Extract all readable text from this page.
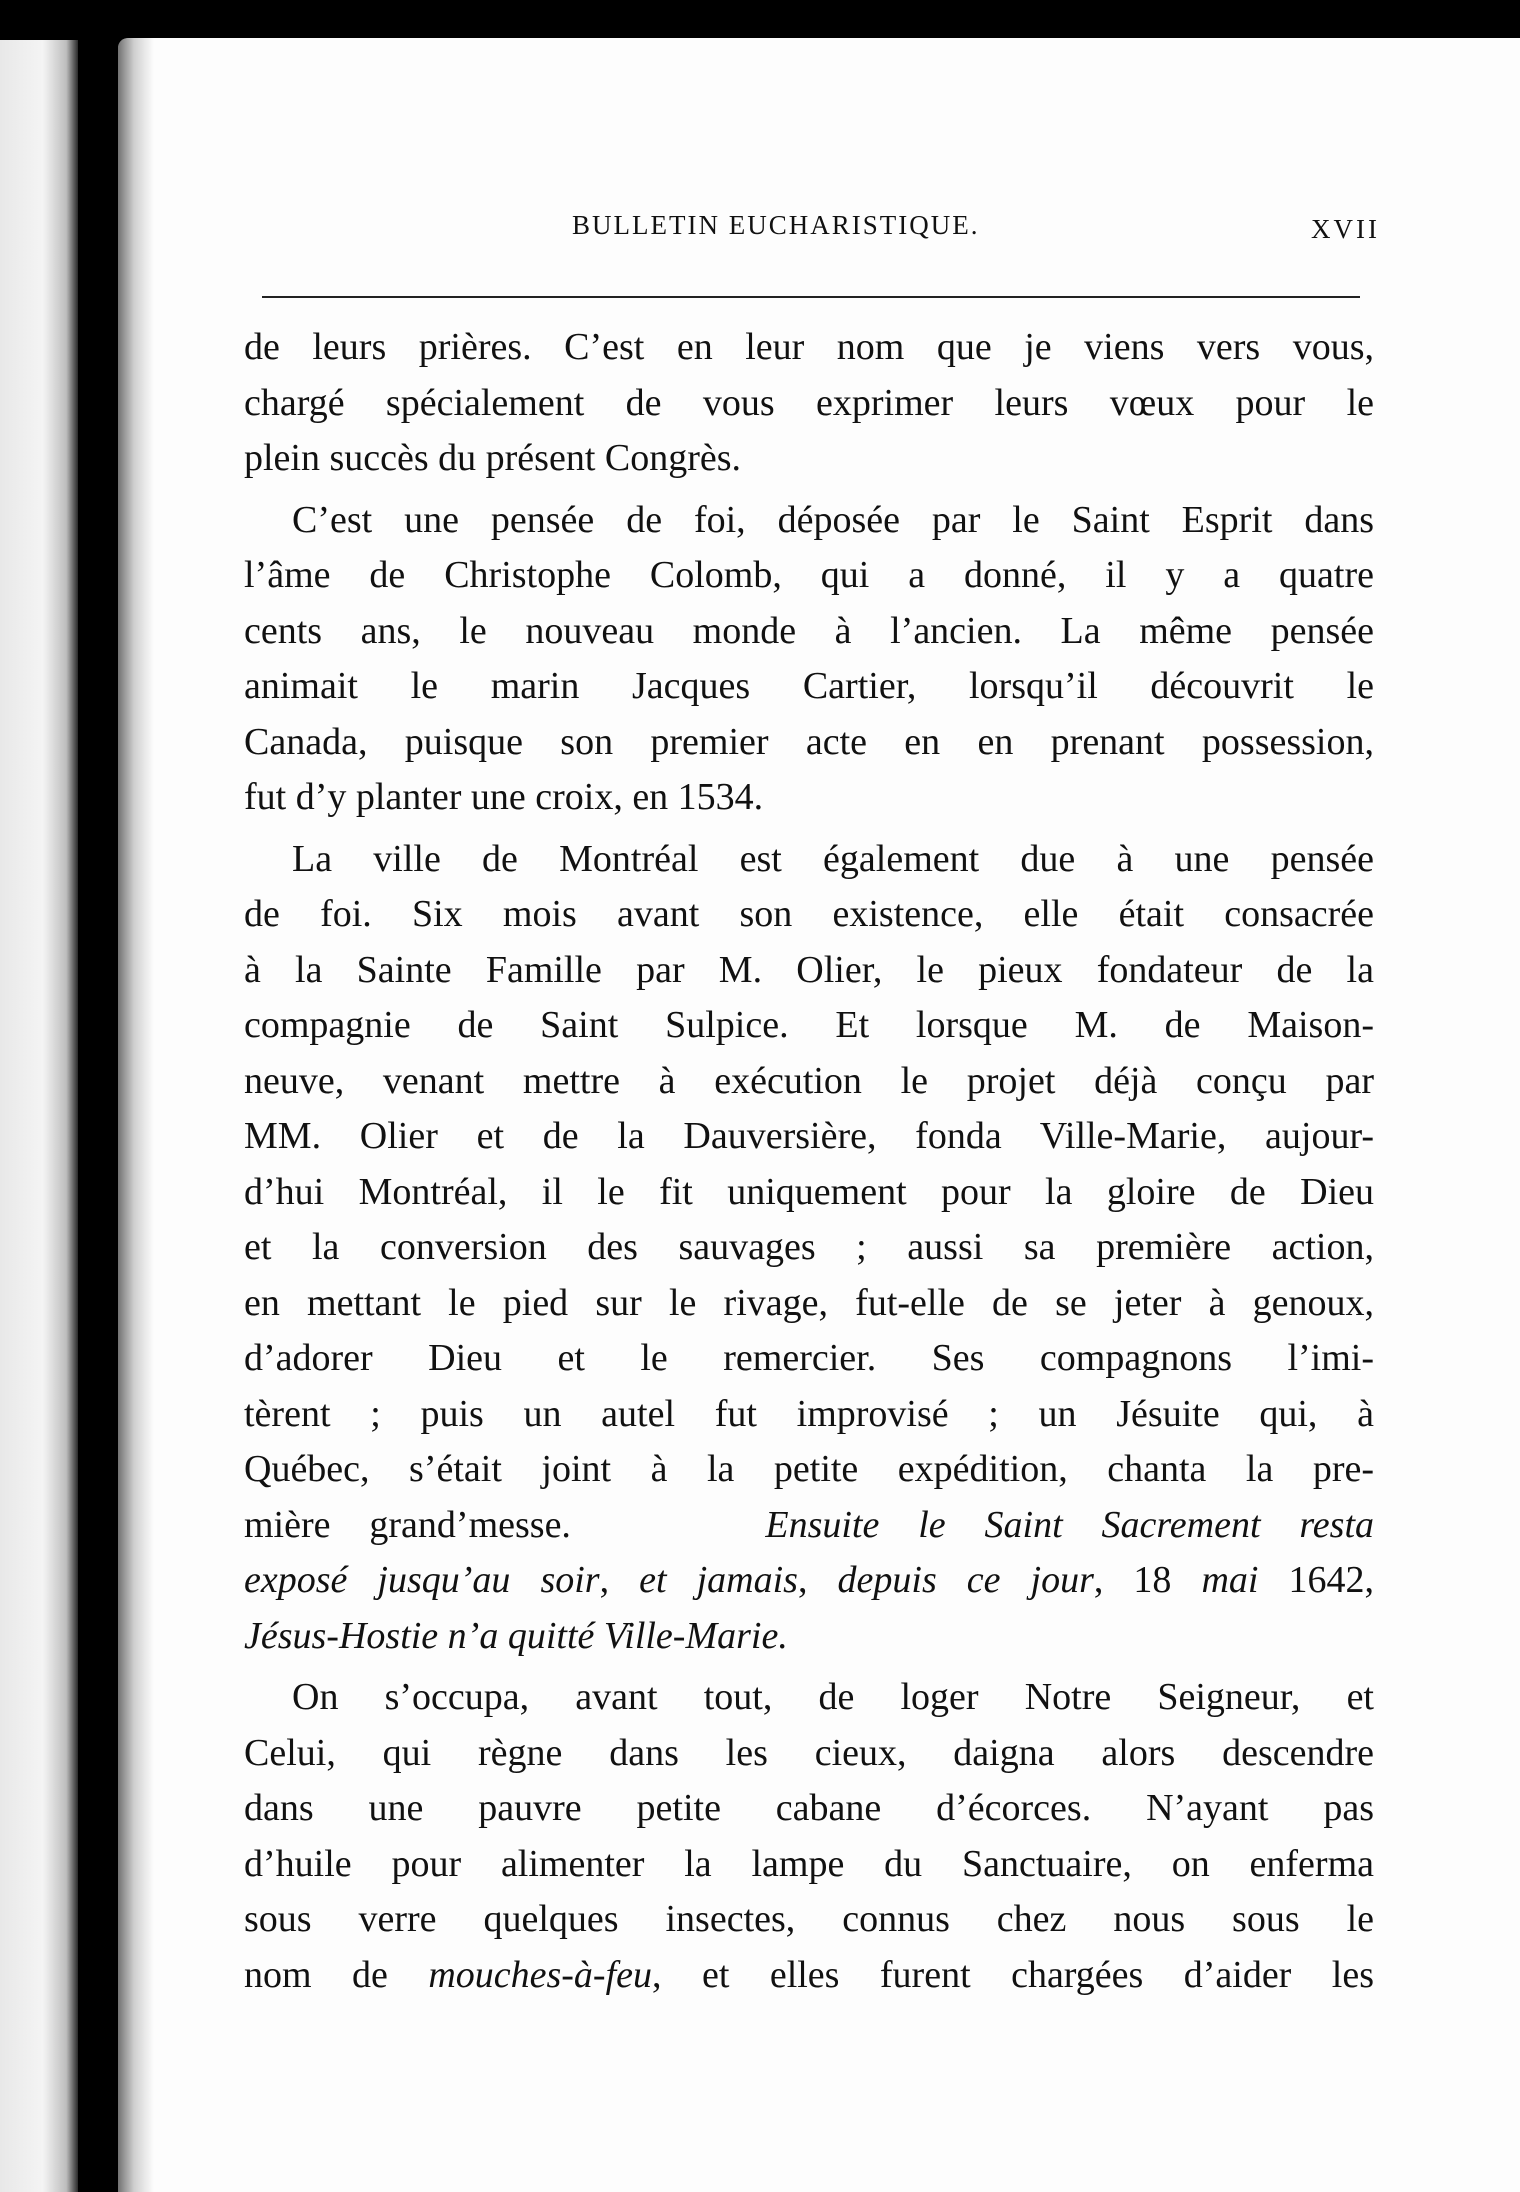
BULLETIN EUCHARISTIQUE.	XVII
de leurs prières. C’est en leur nom que je viens vers vous,
chargé spécialement de vous exprimer leurs vœux pour le
plein succès du présent Congrès.
C’est une pensée de foi, déposée par le Saint Esprit dans
l’âme de Christophe Colomb, qui a donné, il y a quatre
cents ans, le nouveau monde à l’ancien. La même pensée
animait le marin Jacques Cartier, lorsqu’il découvrit le
Canada, puisque son premier acte en en prenant possession,
fut d’y planter une croix, en 1534.
La ville de Montréal est également due à une pensée
de foi. Six mois avant son existence, elle était consacrée
à la Sainte Famille par M. Olier, le pieux fondateur de la
compagnie de Saint Sulpice. Et lorsque M. de Maison-
neuve, venant mettre à exécution le projet déjà conçu par
MM. Olier et de la Dauversière, fonda Ville-Marie, aujour-
d’hui Montréal, il le fit uniquement pour la gloire de Dieu
et la conversion des sauvages ; aussi sa première action,
en mettant le pied sur le rivage, fut-elle de se jeter à genoux,
d’adorer Dieu et le remercier. Ses compagnons l’imi-
tèrent ; puis un autel fut improvisé ; un Jésuite qui, à
Québec, s’était joint à la petite expédition, chanta la pre-
mière grand’messe.	Ensuite le Saint Sacrement resta
exposé jusqu’au soir, et jamais, depuis ce jour, 18 mai 1642,
Jésus-Hostie n’a quitté Ville-Marie.
On s’occupa, avant tout, de loger Notre Seigneur, et
Celui, qui règne dans les cieux, daigna alors descendre
dans une pauvre petite cabane d’écorces. N’ayant pas
d’huile pour alimenter la lampe du Sanctuaire, on enferma
sous verre quelques insectes, connus chez nous sous le
nom de mouches-à-feu, et elles furent chargées d’aider les
